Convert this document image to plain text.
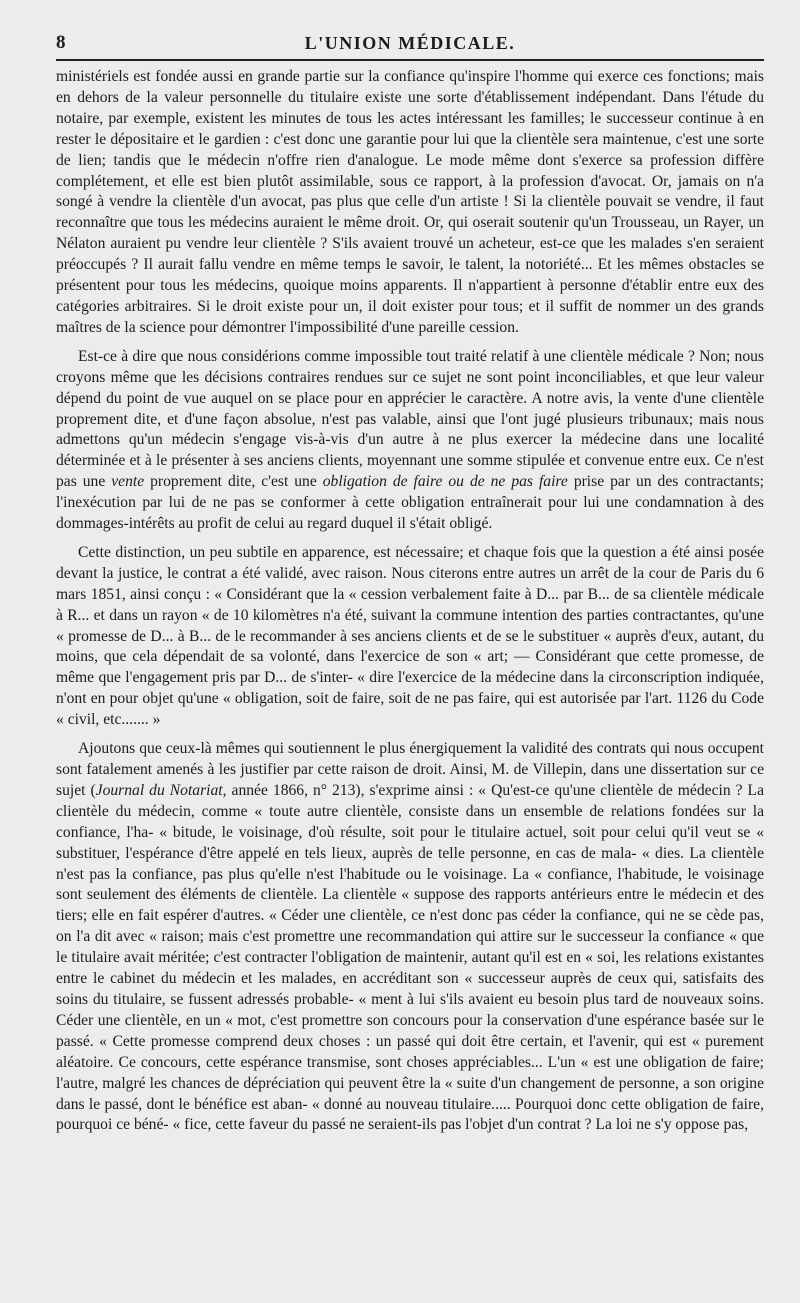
8	L'UNION MÉDICALE.

ministériels est fondée aussi en grande partie sur la confiance qu'inspire l'homme qui exerce ces fonctions; mais en dehors de la valeur personnelle du titulaire existe une sorte d'établissement indépendant. Dans l'étude du notaire, par exemple, existent les minutes de tous les actes intéressant les familles; le successeur continue à en rester le dépositaire et le gardien : c'est donc une garantie pour lui que la clientèle sera maintenue, c'est une sorte de lien; tandis que le médecin n'offre rien d'analogue. Le mode même dont s'exerce sa profession diffère complétement, et elle est bien plutôt assimilable, sous ce rapport, à la profession d'avocat. Or, jamais on n'a songé à vendre la clientèle d'un avocat, pas plus que celle d'un artiste ! Si la clientèle pouvait se vendre, il faut reconnaître que tous les médecins auraient le même droit. Or, qui oserait soutenir qu'un Trousseau, un Rayer, un Nélaton auraient pu vendre leur clientèle ? S'ils avaient trouvé un acheteur, est-ce que les malades s'en seraient préoccupés ? Il aurait fallu vendre en même temps le savoir, le talent, la notoriété... Et les mêmes obstacles se présentent pour tous les médecins, quoique moins apparents. Il n'appartient à personne d'établir entre eux des catégories arbitraires. Si le droit existe pour un, il doit exister pour tous; et il suffit de nommer un des grands maîtres de la science pour démontrer l'impossibilité d'une pareille cession.

Est-ce à dire que nous considérions comme impossible tout traité relatif à une clientèle médicale ? Non; nous croyons même que les décisions contraires rendues sur ce sujet ne sont point inconciliables, et que leur valeur dépend du point de vue auquel on se place pour en apprécier le caractère. A notre avis, la vente d'une clientèle proprement dite, et d'une façon absolue, n'est pas valable, ainsi que l'ont jugé plusieurs tribunaux; mais nous admettons qu'un médecin s'engage vis-à-vis d'un autre à ne plus exercer la médecine dans une localité déterminée et à le présenter à ses anciens clients, moyennant une somme stipulée et convenue entre eux. Ce n'est pas une vente proprement dite, c'est une obligation de faire ou de ne pas faire prise par un des contractants; l'inexécution par lui de ne pas se conformer à cette obligation entraînerait pour lui une condamnation à des dommages-intérêts au profit de celui au regard duquel il s'était obligé.

Cette distinction, un peu subtile en apparence, est nécessaire; et chaque fois que la question a été ainsi posée devant la justice, le contrat a été validé, avec raison. Nous citerons entre autres un arrêt de la cour de Paris du 6 mars 1851, ainsi conçu : « Considérant que la « cession verbalement faite à D... par B... de sa clientèle médicale à R... et dans un rayon « de 10 kilomètres n'a été, suivant la commune intention des parties contractantes, qu'une « promesse de D... à B... de le recommander à ses anciens clients et de se le substituer « auprès d'eux, autant, du moins, que cela dépendait de sa volonté, dans l'exercice de son « art; — Considérant que cette promesse, de même que l'engagement pris par D... de s'inter- « dire l'exercice de la médecine dans la circonscription indiquée, n'ont en pour objet qu'une « obligation, soit de faire, soit de ne pas faire, qui est autorisée par l'art. 1126 du Code « civil, etc....... »

Ajoutons que ceux-là mêmes qui soutiennent le plus énergiquement la validité des contrats qui nous occupent sont fatalement amenés à les justifier par cette raison de droit. Ainsi, M. de Villepin, dans une dissertation sur ce sujet (Journal du Notariat, année 1866, n° 213), s'exprime ainsi : « Qu'est-ce qu'une clientèle de médecin ? La clientèle du médecin, comme « toute autre clientèle, consiste dans un ensemble de relations fondées sur la confiance, l'ha- « bitude, le voisinage, d'où résulte, soit pour le titulaire actuel, soit pour celui qu'il veut se « substituer, l'espérance d'être appelé en tels lieux, auprès de telle personne, en cas de mala- « dies. La clientèle n'est pas la confiance, pas plus qu'elle n'est l'habitude ou le voisinage. La « confiance, l'habitude, le voisinage sont seulement des éléments de clientèle. La clientèle « suppose des rapports antérieurs entre le médecin et des tiers; elle en fait espérer d'autres. « Céder une clientèle, ce n'est donc pas céder la confiance, qui ne se cède pas, on l'a dit avec « raison; mais c'est promettre une recommandation qui attire sur le successeur la confiance « que le titulaire avait méritée; c'est contracter l'obligation de maintenir, autant qu'il est en « soi, les relations existantes entre le cabinet du médecin et les malades, en accréditant son « successeur auprès de ceux qui, satisfaits des soins du titulaire, se fussent adressés probable- « ment à lui s'ils avaient eu besoin plus tard de nouveaux soins. Céder une clientèle, en un « mot, c'est promettre son concours pour la conservation d'une espérance basée sur le passé. « Cette promesse comprend deux choses : un passé qui doit être certain, et l'avenir, qui est « purement aléatoire. Ce concours, cette espérance transmise, sont choses appréciables... L'un « est une obligation de faire; l'autre, malgré les chances de dépréciation qui peuvent être la « suite d'un changement de personne, a son origine dans le passé, dont le bénéfice est aban- « donné au nouveau titulaire..... Pourquoi donc cette obligation de faire, pourquoi ce béné- « fice, cette faveur du passé ne seraient-ils pas l'objet d'un contrat ? La loi ne s'y oppose pas,
